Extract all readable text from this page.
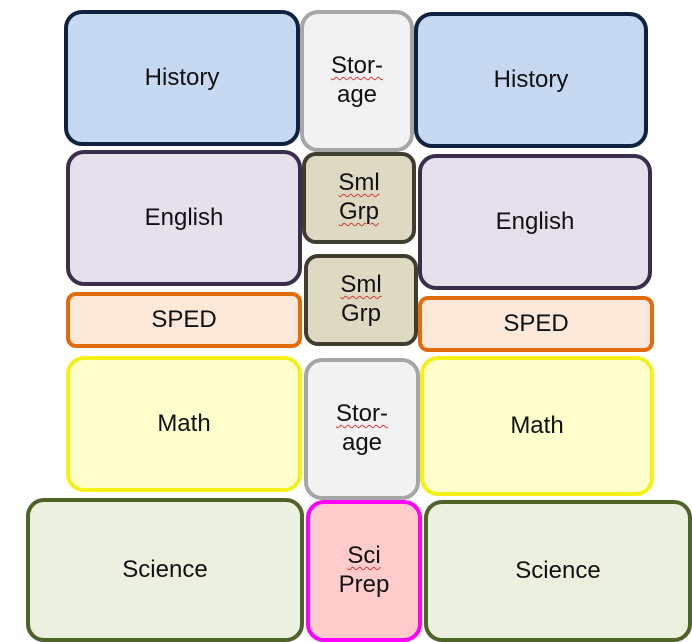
History	Stor-
age
History
English
Sml
Grp	English
Sml
Grp
SPED	SPED
Math	Stor-
age
Math
Science	Sci
Prep
Science
